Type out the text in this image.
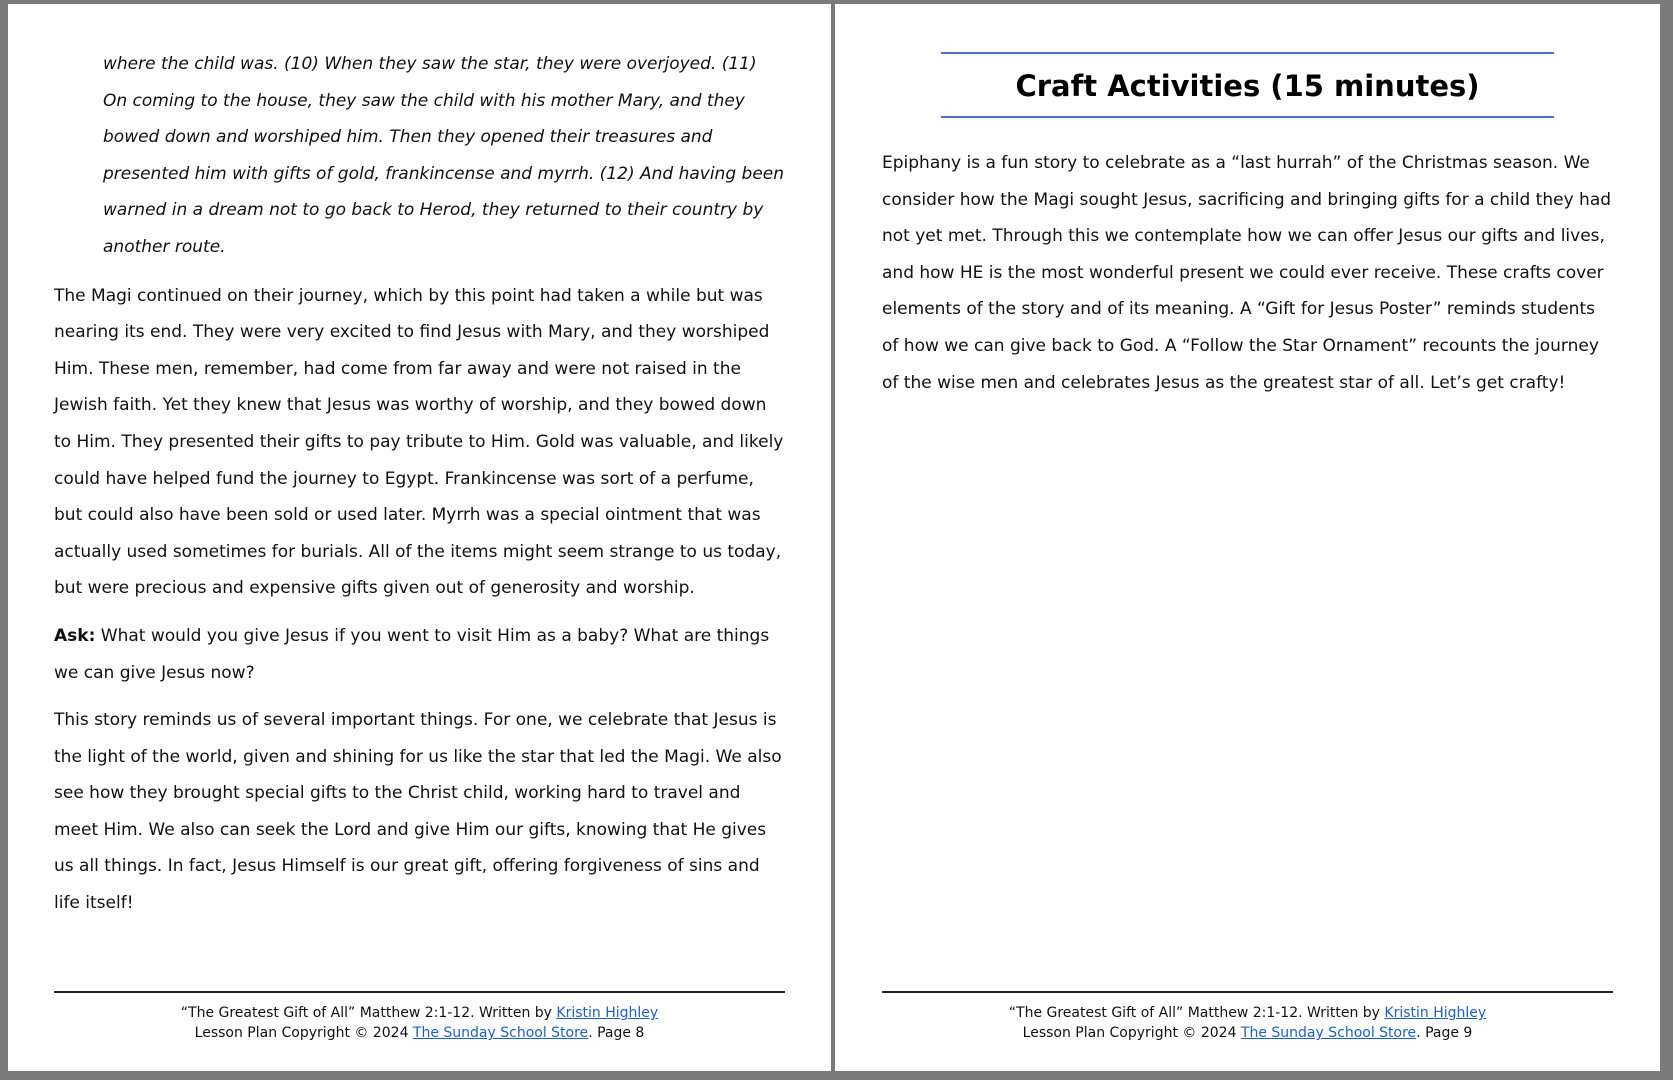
where the child was. (10) When they saw the star, they were overjoyed. (11) On coming to the house, they saw the child with his mother Mary, and they bowed down and worshiped him. Then they opened their treasures and presented him with gifts of gold, frankincense and myrrh. (12) And having been warned in a dream not to go back to Herod, they returned to their country by another route.

The Magi continued on their journey, which by this point had taken a while but was nearing its end. They were very excited to find Jesus with Mary, and they worshiped Him. These men, remember, had come from far away and were not raised in the Jewish faith. Yet they knew that Jesus was worthy of worship, and they bowed down to Him. They presented their gifts to pay tribute to Him. Gold was valuable, and likely could have helped fund the journey to Egypt. Frankincense was sort of a perfume, but could also have been sold or used later. Myrrh was a special ointment that was actually used sometimes for burials. All of the items might seem strange to us today, but were precious and expensive gifts given out of generosity and worship.

Ask: What would you give Jesus if you went to visit Him as a baby? What are things we can give Jesus now?

This story reminds us of several important things. For one, we celebrate that Jesus is the light of the world, given and shining for us like the star that led the Magi. We also see how they brought special gifts to the Christ child, working hard to travel and meet Him. We also can seek the Lord and give Him our gifts, knowing that He gives us all things. In fact, Jesus Himself is our great gift, offering forgiveness of sins and life itself!

“The Greatest Gift of All” Matthew 2:1-12. Written by Kristin Highley
Lesson Plan Copyright © 2024 The Sunday School Store. Page 8
Craft Activities (15 minutes)

Epiphany is a fun story to celebrate as a “last hurrah” of the Christmas season. We consider how the Magi sought Jesus, sacrificing and bringing gifts for a child they had not yet met. Through this we contemplate how we can offer Jesus our gifts and lives, and how HE is the most wonderful present we could ever receive. These crafts cover elements of the story and of its meaning. A “Gift for Jesus Poster” reminds students of how we can give back to God. A “Follow the Star Ornament” recounts the journey of the wise men and celebrates Jesus as the greatest star of all. Let’s get crafty!

“The Greatest Gift of All” Matthew 2:1-12. Written by Kristin Highley
Lesson Plan Copyright © 2024 The Sunday School Store. Page 9
